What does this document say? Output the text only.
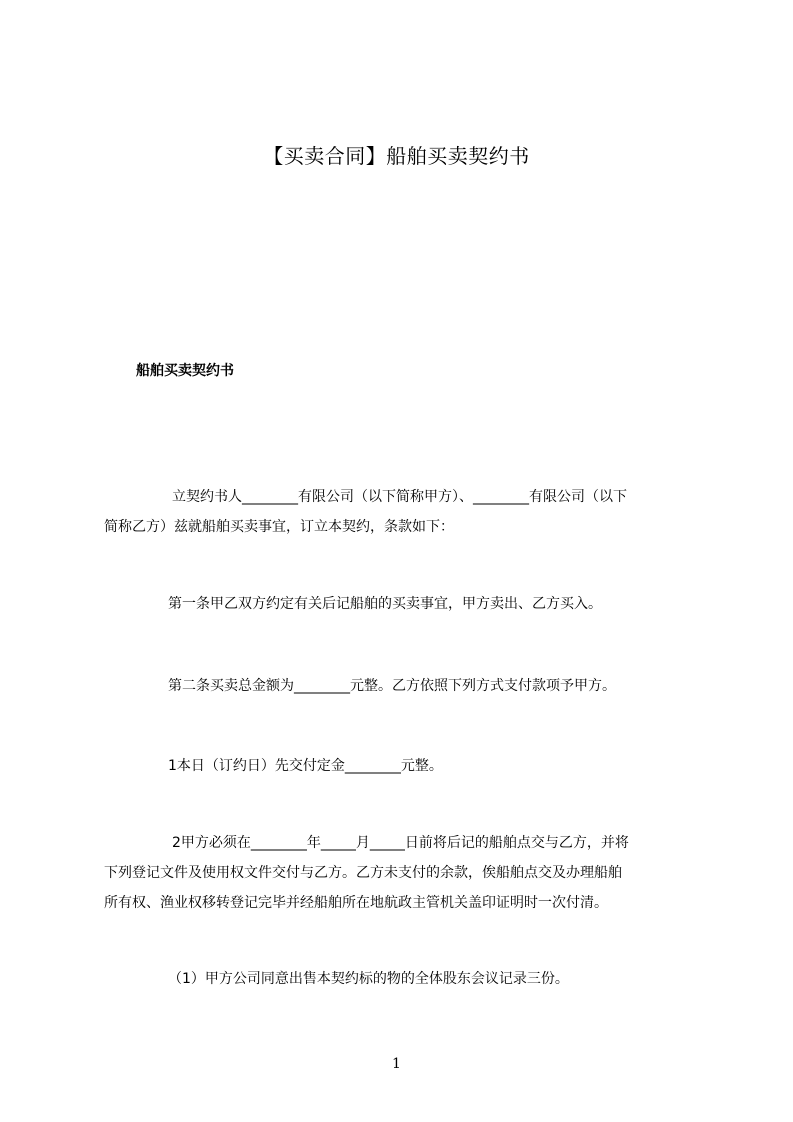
【买卖合同】船舶买卖契约书
船舶买卖契约书
立契约书人________有限公司（以下简称甲方）、________有限公司（以下
简称乙方）兹就船舶买卖事宜，订立本契约，条款如下：
第一条甲乙双方约定有关后记船舶的买卖事宜，甲方卖出、乙方买入。
第二条买卖总金额为________元整。乙方依照下列方式支付款项予甲方。
1本日（订约日）先交付定金________元整。
2甲方必须在________年_____月_____日前将后记的船舶点交与乙方，并将
下列登记文件及使用权文件交付与乙方。乙方未支付的余款，俟船舶点交及办理船舶
所有权、渔业权移转登记完毕并经船舶所在地航政主管机关盖印证明时一次付清。
（1）甲方公司同意出售本契约标的物的全体股东会议记录三份。
1
